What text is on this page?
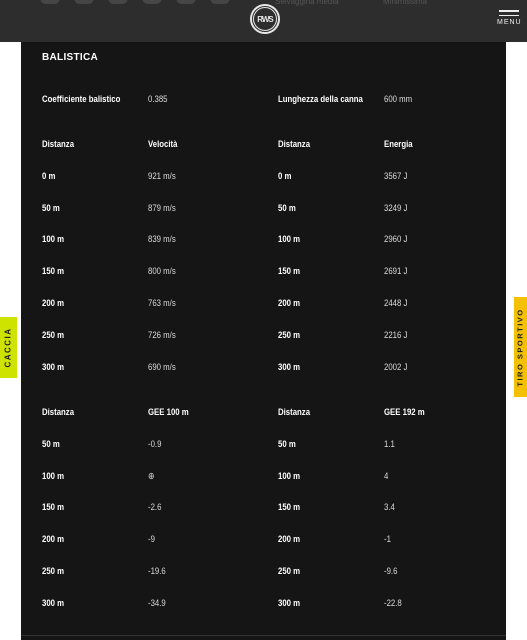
Selvaggina media	Minimissima
RWS	MENU
CACCIA	TIRO SPORTIVO
BALISTICA
Coefficiente balistico	0.385	Lunghezza della canna 600 mm
Distanza	Velocità
0 m	921 m/s
50 m	879 m/s
100 m	839 m/s
150 m	800 m/s
200 m	763 m/s
250 m	726 m/s
300 m	690 m/s
Distanza	Energia
0 m	3567 J
50 m	3249 J
100 m	2960 J
150 m	2691 J
200 m	2448 J
250 m	2216 J
300 m	2002 J
Distanza	GEE 100 m
50 m	-0.9
100 m	⊕
150 m	-2.6
200 m	-9
250 m	-19.6
300 m	-34.9
Distanza	GEE 192 m
50 m	1.1
100 m	4
150 m	3.4
200 m	-1
250 m	-9.6
300 m	-22.8
